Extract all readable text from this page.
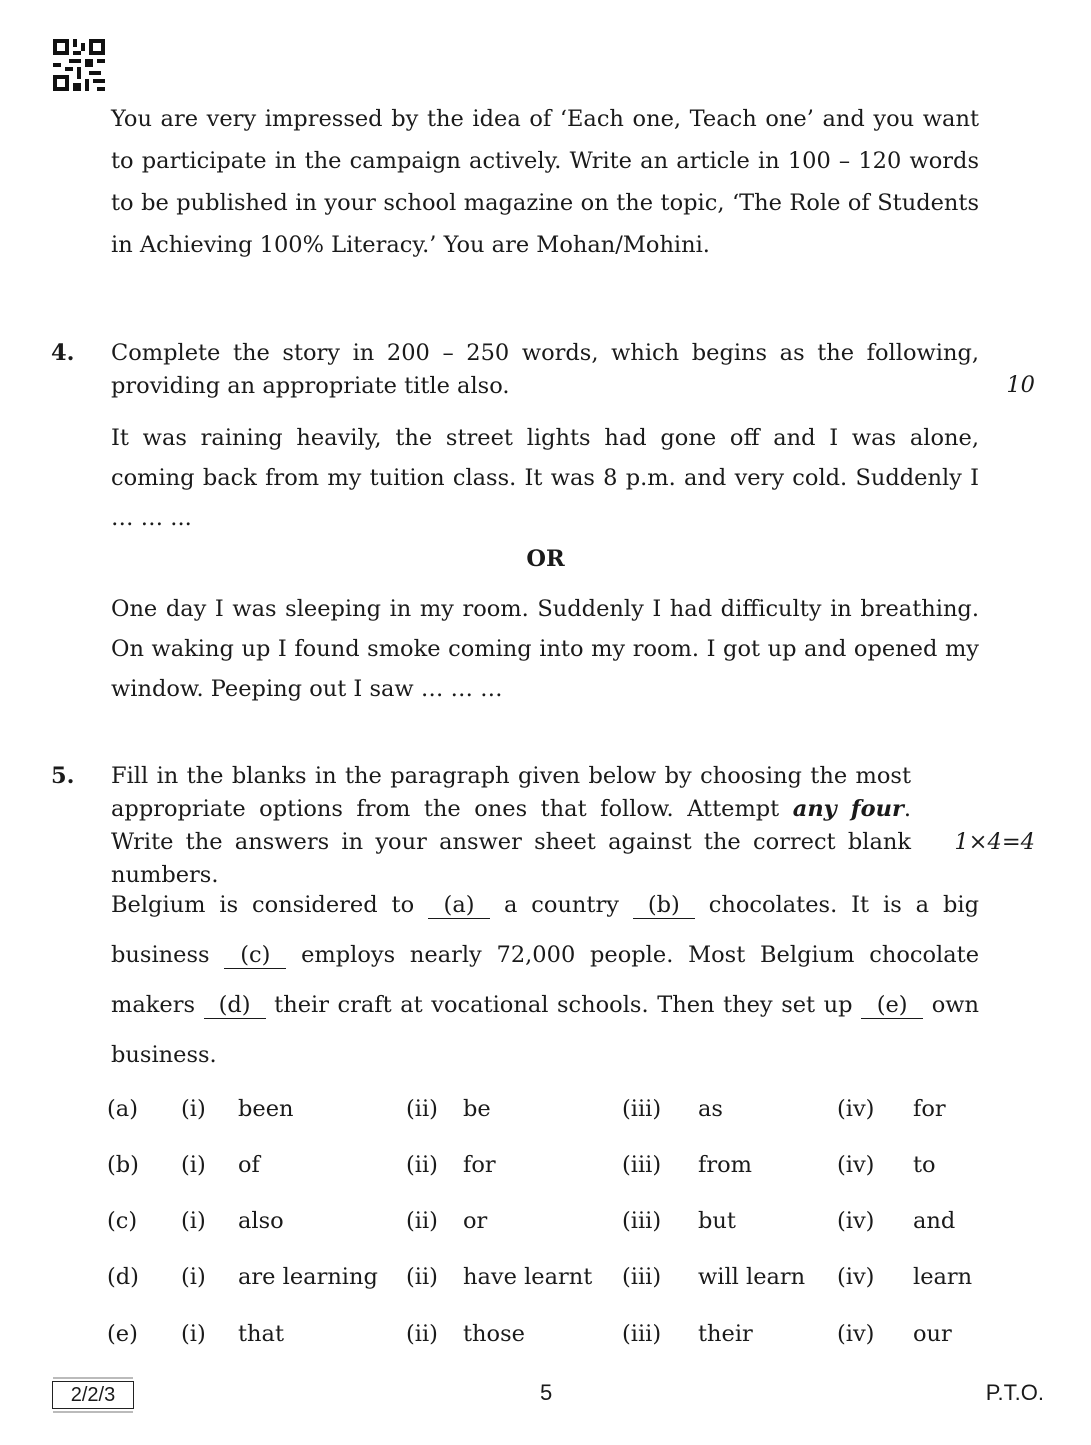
You are very impressed by the idea of ‘Each one, Teach one’ and you want to participate in the campaign actively. Write an article in 100 – 120 words to be published in your school magazine on the topic, ‘The Role of Students in Achieving 100% Literacy.’ You are Mohan/Mohini.
4. Complete the story in 200 – 250 words, which begins as the following, providing an appropriate title also.	10
It was raining heavily, the street lights had gone off and I was alone, coming back from my tuition class. It was 8 p.m. and very cold. Suddenly I … … ...
OR
One day I was sleeping in my room. Suddenly I had difficulty in breathing. On waking up I found smoke coming into my room. I got up and opened my window. Peeping out I saw … … …
5. Fill in the blanks in the paragraph given below by choosing the most appropriate options from the ones that follow. Attempt any four. Write the answers in your answer sheet against the correct blank numbers.
1×4=4
Belgium is considered to (a) a country (b) chocolates. It is a big business (c) employs nearly 72,000 people. Most Belgium chocolate makers (d) their craft at vocational schools. Then they set up (e) own business.
(a) (i) been	(ii) be	(iii) as	(iv) for
(b) (i) of	(ii) for	(iii) from	(iv) to
(c) (i) also	(ii) or	(iii) but	(iv) and
(d) (i) are learning (ii) have learnt (iii) will learn (iv) learn
(e) (i) that	(ii) those	(iii) their	(iv) our
2/2/3	5	P.T.O.
